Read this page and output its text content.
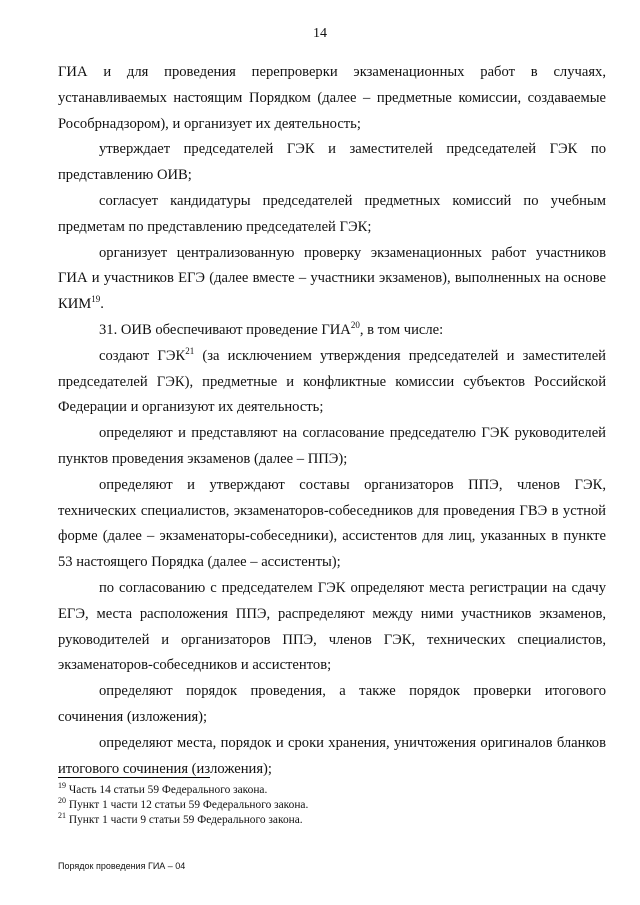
14

ГИА и для проведения перепроверки экзаменационных работ в случаях, устанавливаемых настоящим Порядком (далее – предметные комиссии, создаваемые Рособрнадзором), и организует их деятельность;

утверждает председателей ГЭК и заместителей председателей ГЭК по представлению ОИВ;

согласует кандидатуры председателей предметных комиссий по учебным предметам по представлению председателей ГЭК;

организует централизованную проверку экзаменационных работ участников ГИА и участников ЕГЭ (далее вместе – участники экзаменов), выполненных на основе КИМ$^{19}$.

31. ОИВ обеспечивают проведение ГИА$^{20}$, в том числе:

создают ГЭК$^{21}$ (за исключением утверждения председателей и заместителей председателей ГЭК), предметные и конфликтные комиссии субъектов Российской Федерации и организуют их деятельность;

определяют и представляют на согласование председателю ГЭК руководителей пунктов проведения экзаменов (далее – ППЭ);

определяют и утверждают составы организаторов ППЭ, членов ГЭК, технических специалистов, экзаменаторов-собеседников для проведения ГВЭ в устной форме (далее – экзаменаторы-собеседники), ассистентов для лиц, указанных в пункте 53 настоящего Порядка (далее – ассистенты);

по согласованию с председателем ГЭК определяют места регистрации на сдачу ЕГЭ, места расположения ППЭ, распределяют между ними участников экзаменов, руководителей и организаторов ППЭ, членов ГЭК, технических специалистов, экзаменаторов-собеседников и ассистентов;

определяют порядок проведения, а также порядок проверки итогового сочинения (изложения);

определяют места, порядок и сроки хранения, уничтожения оригиналов бланков итогового сочинения (изложения);

$^{19}$ Часть 14 статьи 59 Федерального закона.
$^{20}$ Пункт 1 части 12 статьи 59 Федерального закона.
$^{21}$ Пункт 1 части 9 статьи 59 Федерального закона.
Порядок проведения ГИА – 04
